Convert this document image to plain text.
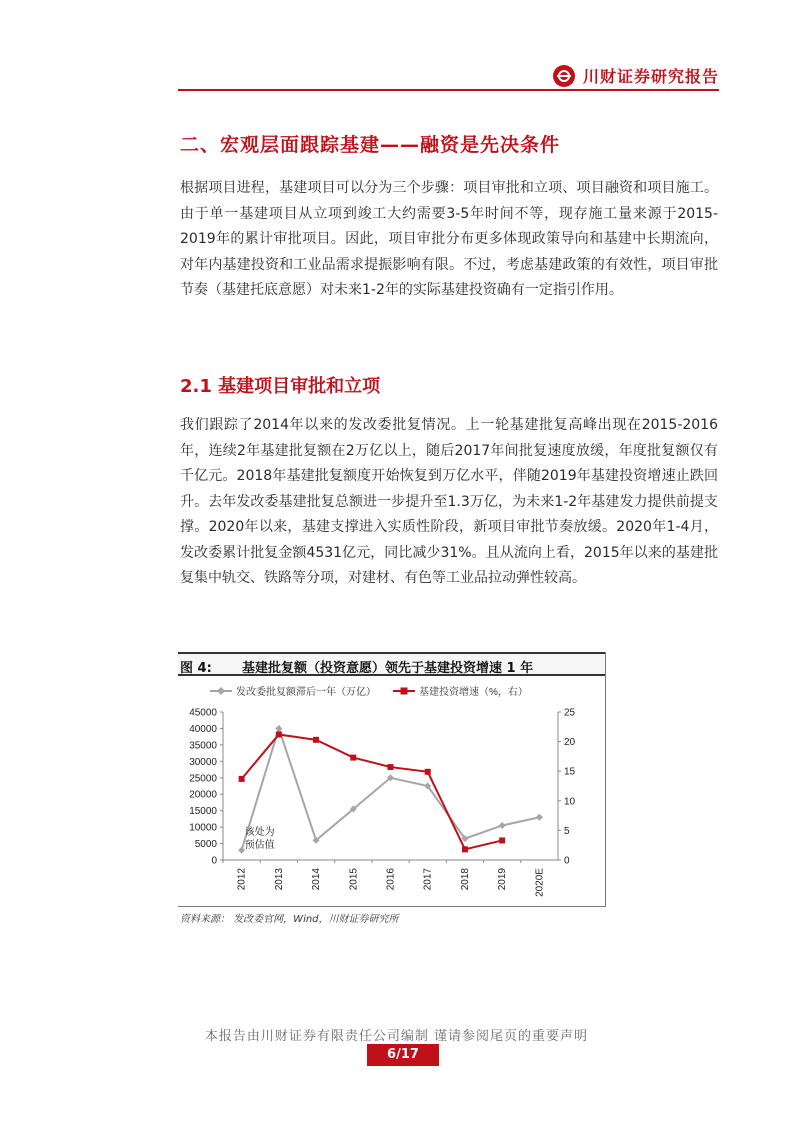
川财证券研究报告
二、宏观层面跟踪基建——融资是先决条件
根据项目进程，基建项目可以分为三个步骤：项目审批和立项、项目融资和项目施工。由于单一基建项目从立项到竣工大约需要3-5年时间不等，现存施工量来源于2015-2019年的累计审批项目。因此，项目审批分布更多体现政策导向和基建中长期流向，对年内基建投资和工业品需求提振影响有限。不过，考虑基建政策的有效性，项目审批节奏（基建托底意愿）对未来1-2年的实际基建投资确有一定指引作用。
2.1 基建项目审批和立项
我们跟踪了2014年以来的发改委批复情况。上一轮基建批复高峰出现在2015-2016年，连续2年基建批复额在2万亿以上，随后2017年间批复速度放缓，年度批复额仅有千亿元。2018年基建批复额度开始恢复到万亿水平，伴随2019年基建投资增速止跌回升。去年发改委基建批复总额进一步提升至1.3万亿，为未来1-2年基建发力提供前提支撑。2020年以来，基建支撑进入实质性阶段，新项目审批节奏放缓。2020年1-4月，发改委累计批复金额4531亿元，同比减少31%。且从流向上看，2015年以来的基建批复集中轨交、铁路等分项，对建材、有色等工业品拉动弹性较高。
图 4: 基建批复额（投资意愿）领先于基建投资增速 1 年
发改委批复额滞后一年（万亿）	基建投资增速（%，右）
0
5000
10000
15000
20000
25000
30000
35000
40000
45000
0
5
10
15
20
25
2012	2013	2014	2015	2016	2017	2018	2019	2020E
该处为
预估值
资料来源： 发改委官网，Wind，川财证券研究所
本报告由川财证券有限责任公司编制 谨请参阅尾页的重要声明
6/17
